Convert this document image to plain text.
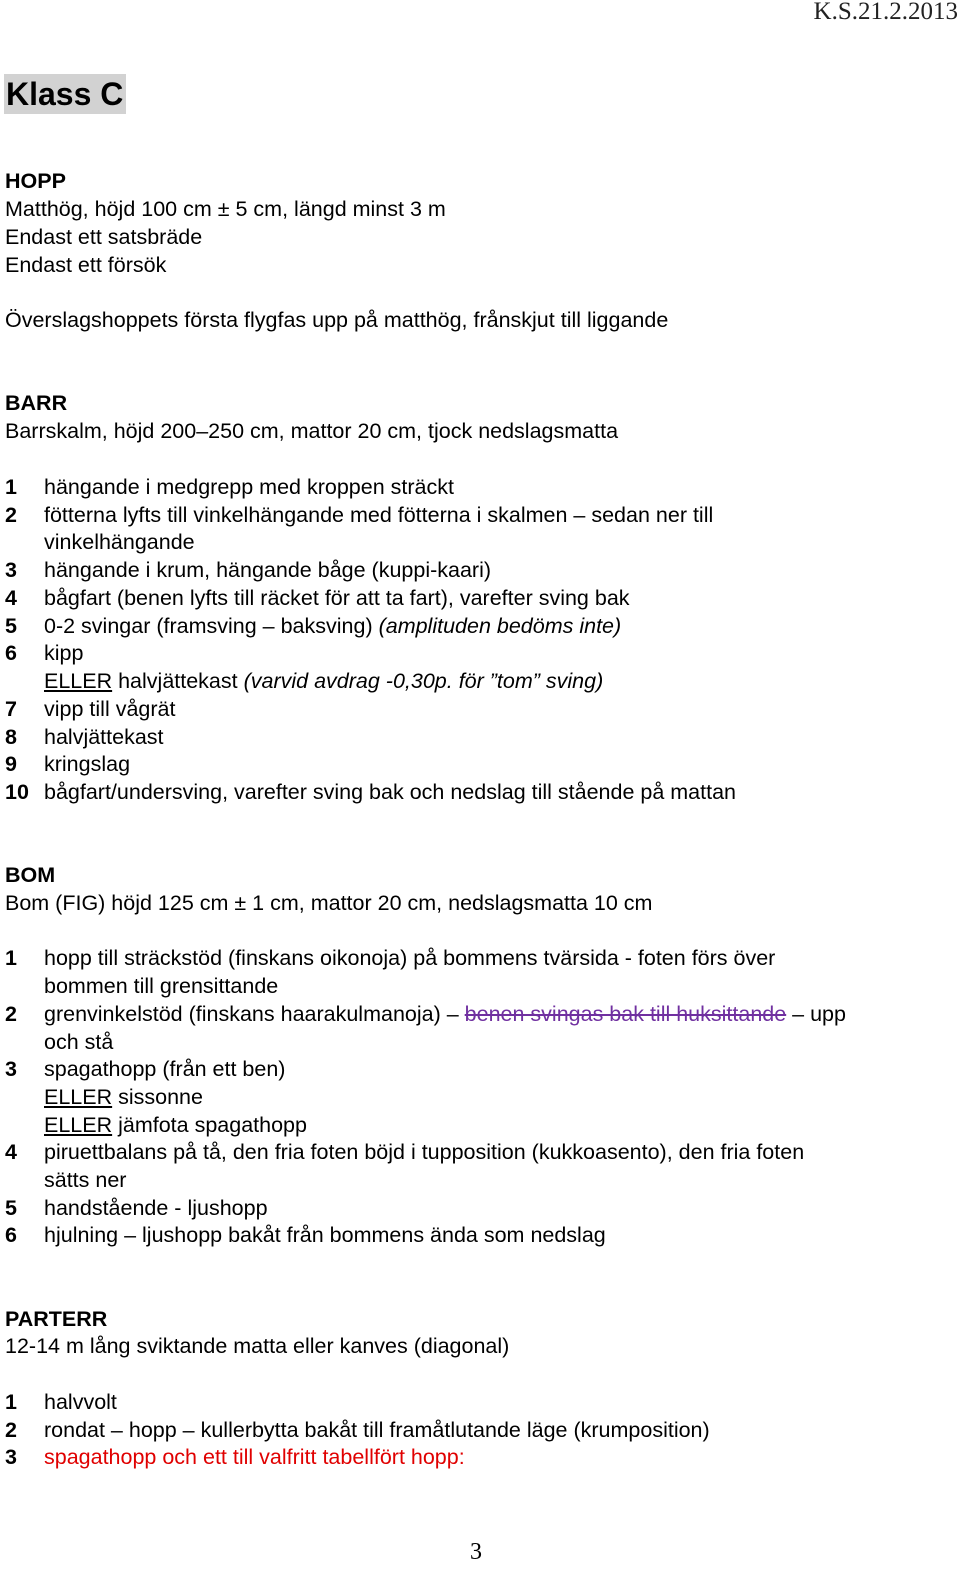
K.S.21.2.2013
Klass C
HOPP
Matthög, höjd 100 cm ± 5 cm, längd minst 3 m
Endast ett satsbräde
Endast ett försök
Överslagshoppets första flygfas upp på matthög, frånskjut till liggande
BARR
Barrskalm, höjd 200–250 cm, mattor 20 cm, tjock nedslagsmatta
1	hängande i medgrepp med kroppen sträckt
2	fötterna lyfts till vinkelhängande med fötterna i skalmen – sedan ner till
vinkelhängande
3	hängande i krum, hängande båge (kuppi-kaari)
4	bågfart (benen lyfts till räcket för att ta fart), varefter sving bak
5	0-2 svingar (framsving – baksving) (amplituden bedöms inte)
6	kipp
ELLER halvjättekast (varvid avdrag -0,30p. för ”tom” sving)
7	vipp till vågrät
8	halvjättekast
9	kringslag
10 bågfart/undersving, varefter sving bak och nedslag till stående på mattan
BOM
Bom (FIG) höjd 125 cm ± 1 cm, mattor 20 cm, nedslagsmatta 10 cm
1	hopp till sträckstöd (finskans oikonoja) på bommens tvärsida - foten förs över
bommen till grensittande
2	grenvinkelstöd (finskans haarakulmanoja) – benen svingas bak till huksittande – upp
och stå
3	spagathopp (från ett ben)
ELLER sissonne
ELLER jämfota spagathopp
4	piruettbalans på tå, den fria foten böjd i tupposition (kukkoasento), den fria foten
sätts ner
5	handstående - ljushopp
6	hjulning – ljushopp bakåt från bommens ända som nedslag
PARTERR
12-14 m lång sviktande matta eller kanves (diagonal)
1	halvvolt
2	rondat – hopp – kullerbytta bakåt till framåtlutande läge (krumposition)
3	spagathopp och ett till valfritt tabellfört hopp:
3
